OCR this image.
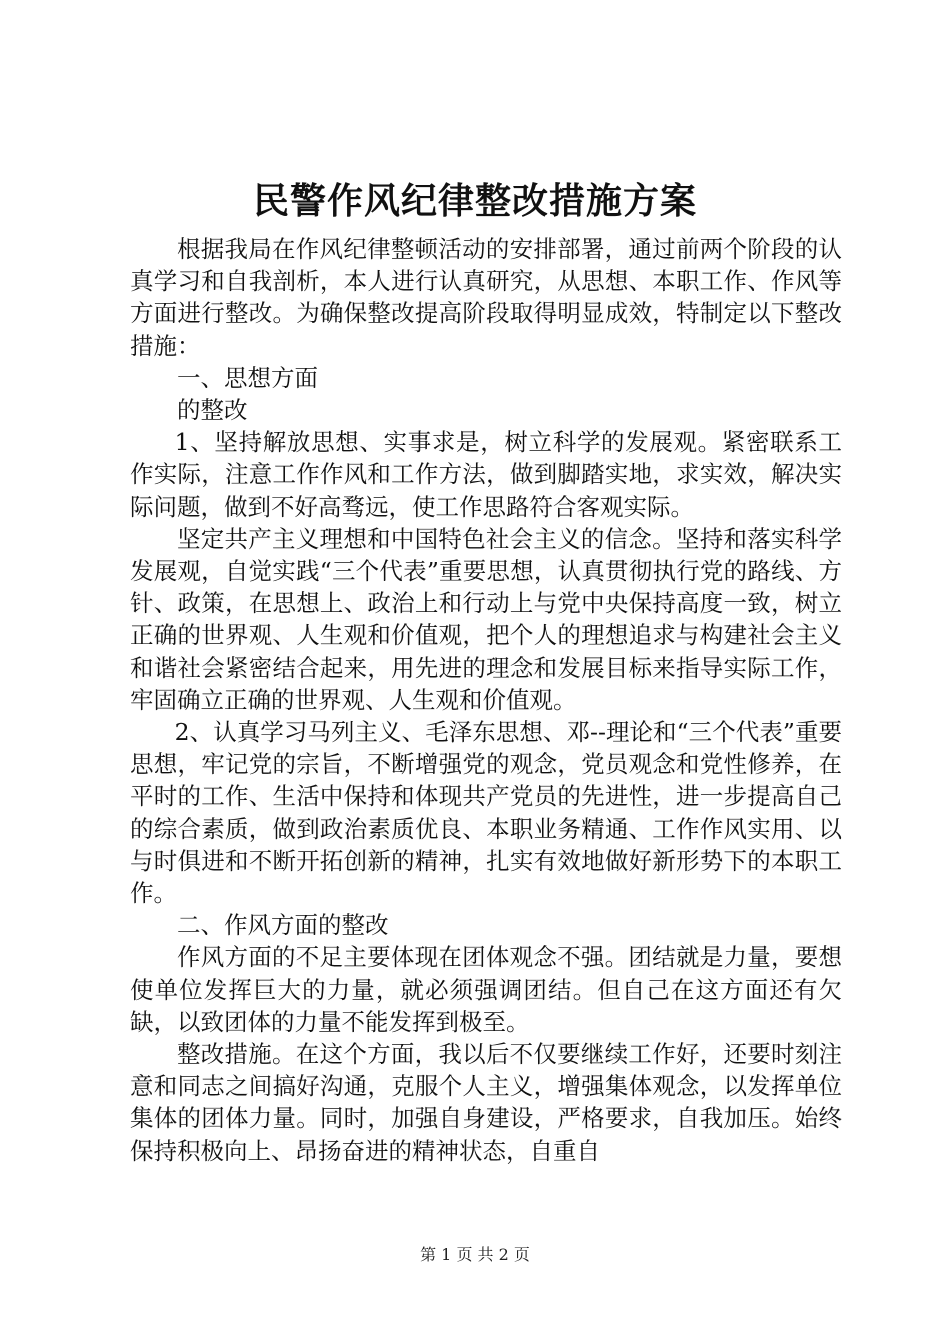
民警作风纪律整改措施方案

根据我局在作风纪律整顿活动的安排部署，通过前两个阶段的认真学习和自我剖析，本人进行认真研究，从思想、本职工作、作风等方面进行整改。为确保整改提高阶段取得明显成效，特制定以下整改措施：

一、思想方面

的整改

1、坚持解放思想、实事求是，树立科学的发展观。紧密联系工作实际，注意工作作风和工作方法，做到脚踏实地，求实效，解决实际问题，做到不好高骛远，使工作思路符合客观实际。

坚定共产主义理想和中国特色社会主义的信念。坚持和落实科学发展观，自觉实践“三个代表”重要思想，认真贯彻执行党的路线、方针、政策，在思想上、政治上和行动上与党中央保持高度一致，树立正确的世界观、人生观和价值观，把个人的理想追求与构建社会主义和谐社会紧密结合起来，用先进的理念和发展目标来指导实际工作，牢固确立正确的世界观、人生观和价值观。

2、认真学习马列主义、毛泽东思想、邓--理论和“三个代表”重要思想，牢记党的宗旨，不断增强党的观念，党员观念和党性修养，在平时的工作、生活中保持和体现共产党员的先进性，进一步提高自己的综合素质，做到政治素质优良、本职业务精通、工作作风实用、以与时俱进和不断开拓创新的精神，扎实有效地做好新形势下的本职工作。

二、作风方面的整改

作风方面的不足主要体现在团体观念不强。团结就是力量，要想使单位发挥巨大的力量，就必须强调团结。但自己在这方面还有欠缺，以致团体的力量不能发挥到极至。

整改措施。在这个方面，我以后不仅要继续工作好，还要时刻注意和同志之间搞好沟通，克服个人主义，增强集体观念，以发挥单位集体的团体力量。同时，加强自身建设，严格要求，自我加压。始终保持积极向上、昂扬奋进的精神状态，自重自

第 1 页 共 2 页
